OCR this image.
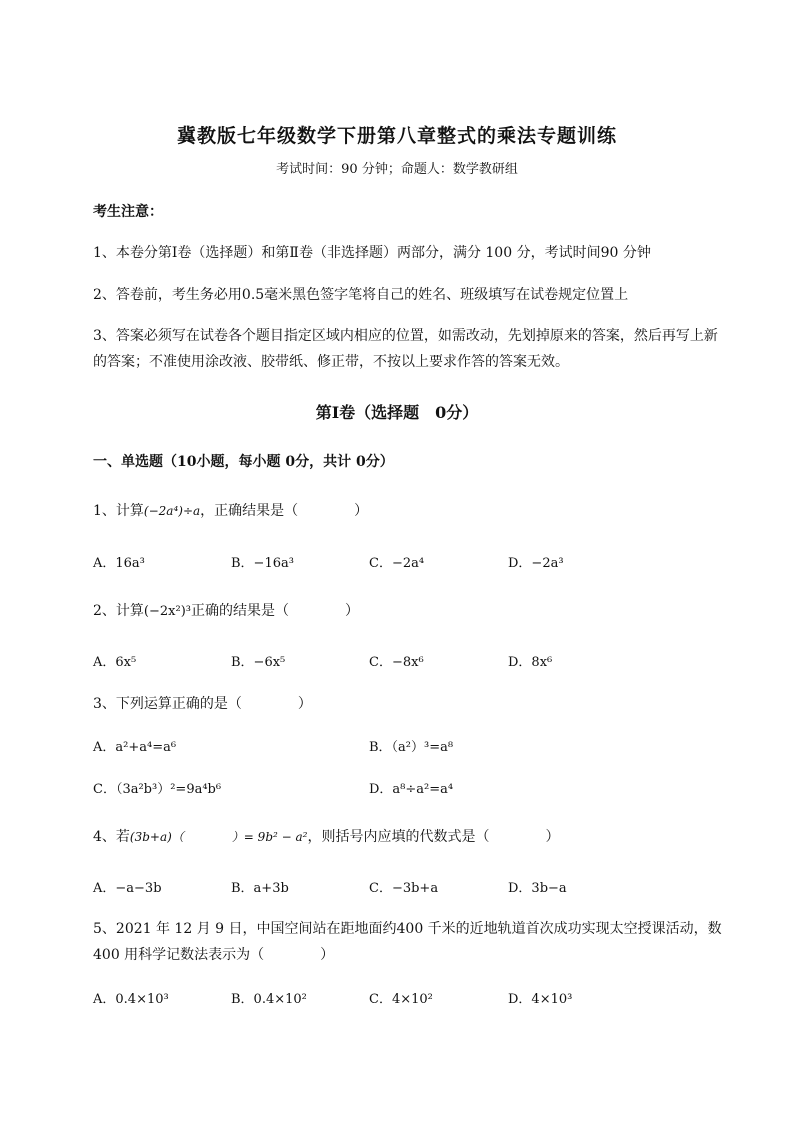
冀教版七年级数学下册第八章整式的乘法专题训练
考试时间：90 分钟；命题人：数学教研组
考生注意：
1、本卷分第Ⅰ卷（选择题）和第Ⅱ卷（非选择题）两部分，满分 100 分，考试时间90 分钟
2、答卷前，考生务必用0.5毫米黑色签字笔将自己的姓名、班级填写在试卷规定位置上
3、答案必须写在试卷各个题目指定区域内相应的位置，如需改动，先划掉原来的答案，然后再写上新
的答案；不准使用涂改液、胶带纸、修正带，不按以上要求作答的答案无效。
第Ⅰ卷（选择题　0分）
一、单选题（10小题，每小题 0分，共计 0分）
1、计算(−2a⁴)÷a，正确结果是（　　　　）
A．16a³	B．−16a³	C．−2a⁴	D．−2a³
2、计算(−2x²)³正确的结果是（　　　　）
A．6x⁵	B．−6x⁵	C．−8x⁶	D．8x⁶
3、下列运算正确的是（　　　　）
A．a²+a⁴=a⁶	B．（a²）³=a⁸
C．（3a²b³）²=9a⁴b⁶	D．a⁸÷a²=a⁴
4、若(3b+a)（　　　　）= 9b² − a²，则括号内应填的代数式是（　　　　）
A．−a−3b	B．a+3b	C．−3b+a	D．3b−a
5、2021 年 12 月 9 日，中国空间站在距地面约400 千米的近地轨道首次成功实现太空授课活动，数
400 用科学记数法表示为（　　　　）
A．0.4×10³	B．0.4×10²	C．4×10²	D．4×10³
